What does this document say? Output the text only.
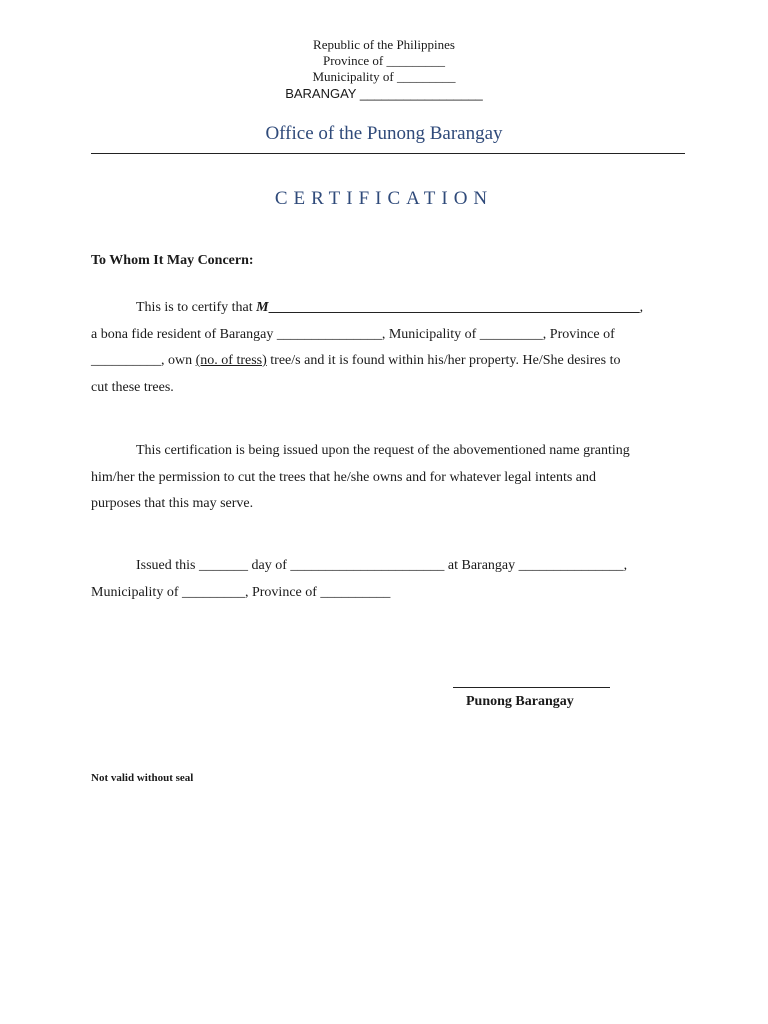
Republic of the Philippines
Province of _________
Municipality of _________
BARANGAY _________________
Office of the Punong Barangay
CERTIFICATION
To Whom It May Concern:
This is to certify that M_____________________________________________________,
a bona fide resident of Barangay _______________, Municipality of _________, Province of
__________, own (no. of tress) tree/s and it is found within his/her property. He/She desires to
cut these trees.
This certification is being issued upon the request of the abovementioned name granting
him/her the permission to cut the trees that he/she owns and for whatever legal intents and
purposes that this may serve.
Issued this _______ day of ______________________ at Barangay _______________,
Municipality of _________, Province of __________
Punong Barangay
Not valid without seal
